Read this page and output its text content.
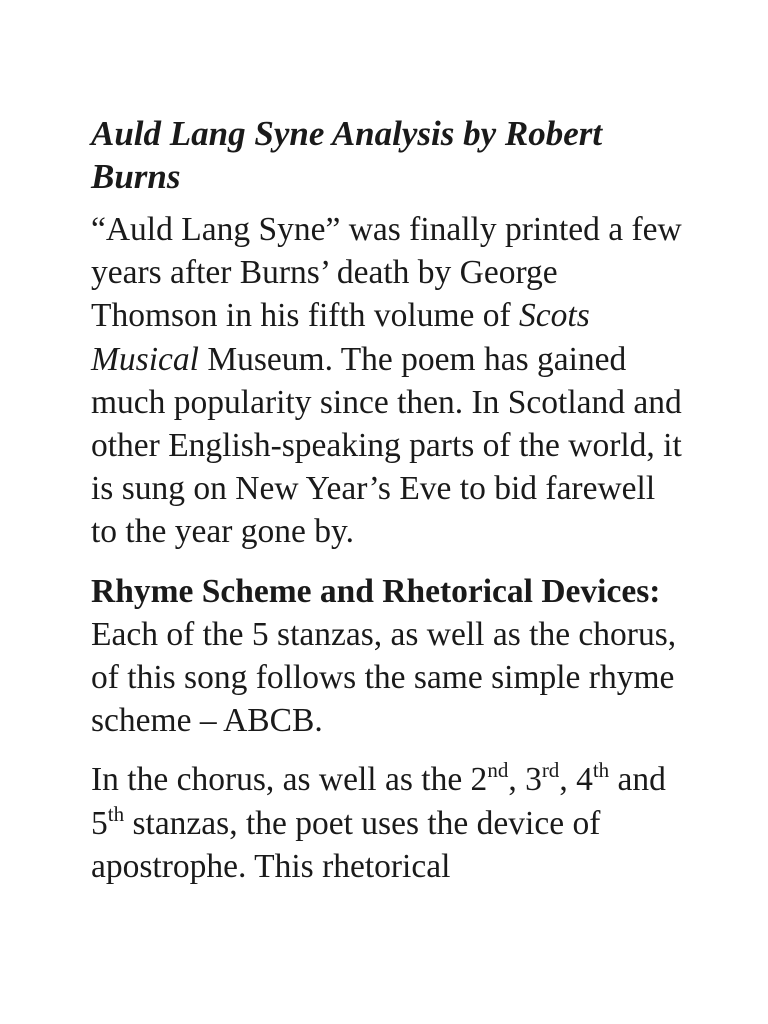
Auld Lang Syne Analysis by Robert Burns

“Auld Lang Syne” was finally printed a few years after Burns’ death by George Thomson in his fifth volume of Scots Musical Museum. The poem has gained much popularity since then. In Scotland and other English-speaking parts of the world, it is sung on New Year’s Eve to bid farewell to the year gone by.

Rhyme Scheme and Rhetorical Devices: Each of the 5 stanzas, as well as the chorus, of this song follows the same simple rhyme scheme – ABCB.

In the chorus, as well as the 2nd, 3rd, 4th and 5th stanzas, the poet uses the device of apostrophe. This rhetorical
